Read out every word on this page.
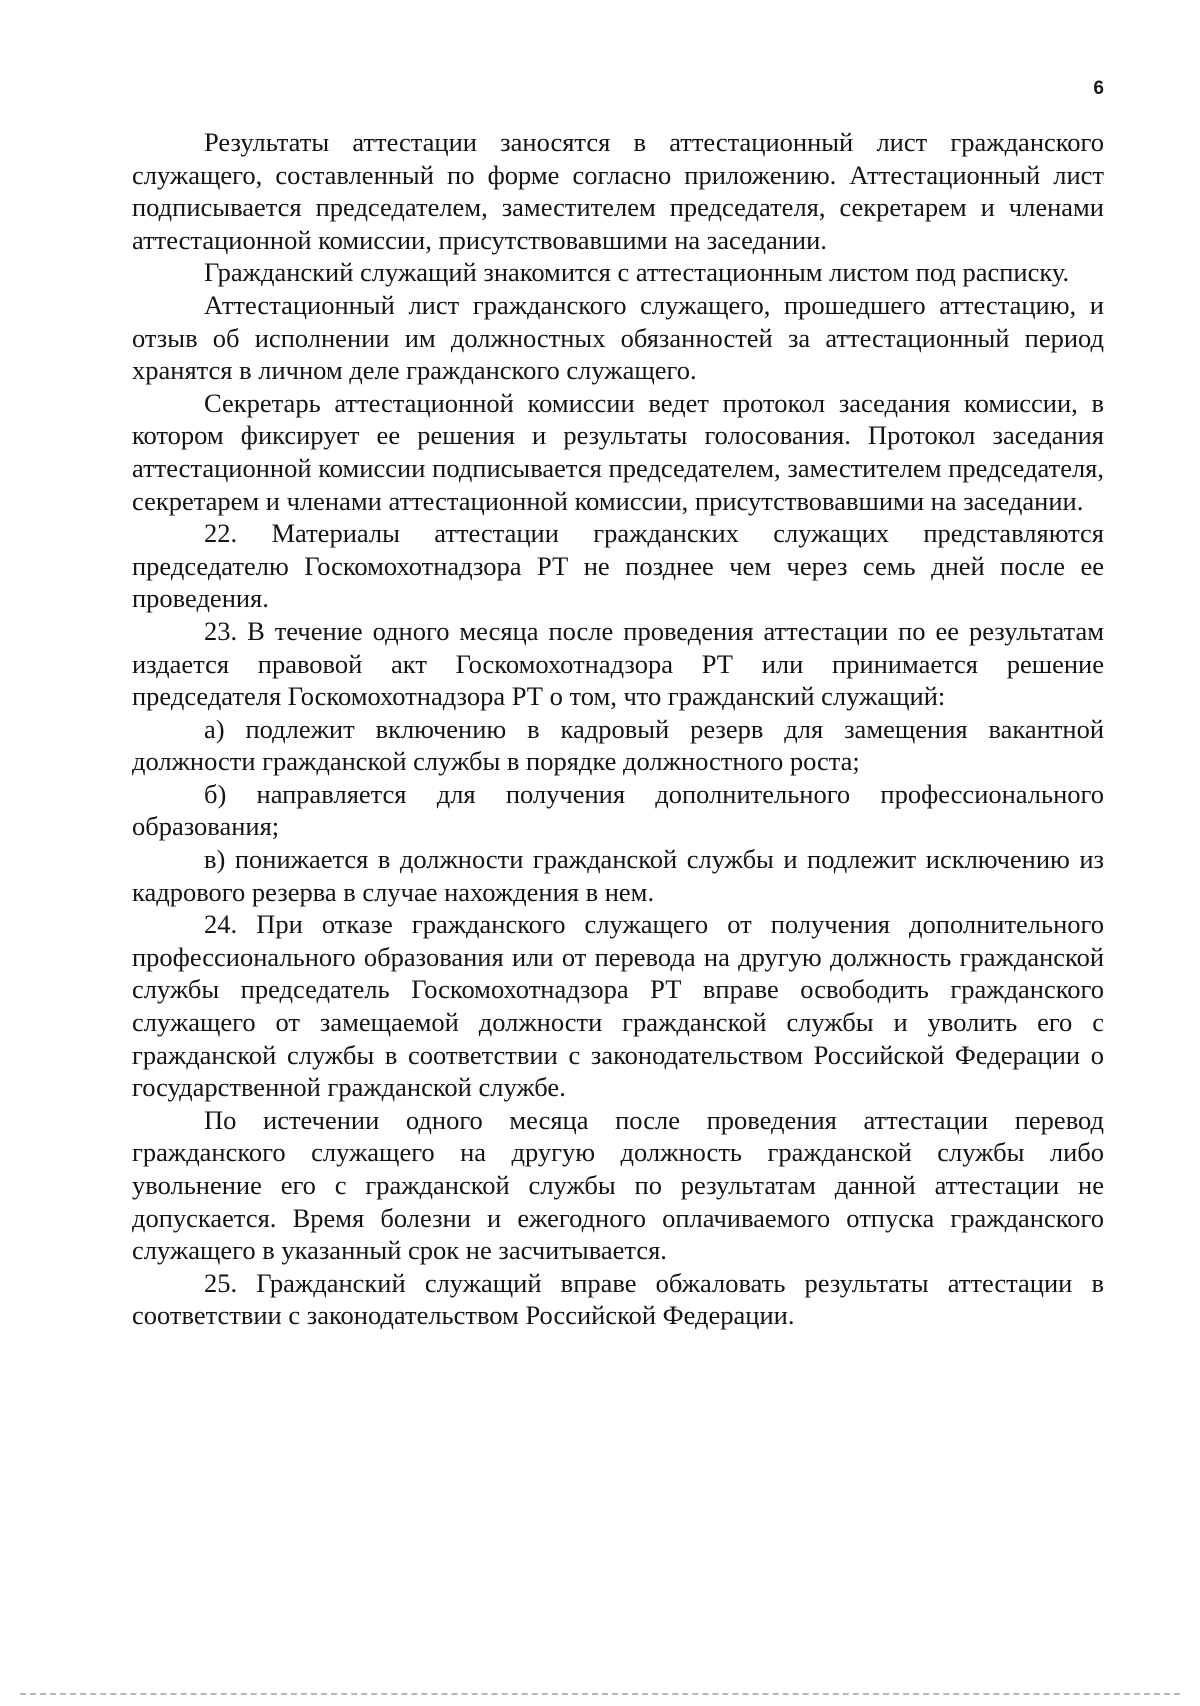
6

Результаты аттестации заносятся в аттестационный лист гражданского служащего, составленный по форме согласно приложению. Аттестационный лист подписывается председателем, заместителем председателя, секретарем и членами аттестационной комиссии, присутствовавшими на заседании.

Гражданский служащий знакомится с аттестационным листом под расписку.

Аттестационный лист гражданского служащего, прошедшего аттестацию, и отзыв об исполнении им должностных обязанностей за аттестационный период хранятся в личном деле гражданского служащего.

Секретарь аттестационной комиссии ведет протокол заседания комиссии, в котором фиксирует ее решения и результаты голосования. Протокол заседания аттестационной комиссии подписывается председателем, заместителем председателя, секретарем и членами аттестационной комиссии, присутствовавшими на заседании.

22. Материалы аттестации гражданских служащих представляются председателю Госкомохотнадзора РТ не позднее чем через семь дней после ее проведения.

23. В течение одного месяца после проведения аттестации по ее результатам издается правовой акт Госкомохотнадзора РТ или принимается решение председателя Госкомохотнадзора РТ о том, что гражданский служащий:

а) подлежит включению в кадровый резерв для замещения вакантной должности гражданской службы в порядке должностного роста;

б) направляется для получения дополнительного профессионального образования;

в) понижается в должности гражданской службы и подлежит исключению из кадрового резерва в случае нахождения в нем.

24. При отказе гражданского служащего от получения дополнительного профессионального образования или от перевода на другую должность гражданской службы председатель Госкомохотнадзора РТ вправе освободить гражданского служащего от замещаемой должности гражданской службы и уволить его с гражданской службы в соответствии с законодательством Российской Федерации о государственной гражданской службе.

По истечении одного месяца после проведения аттестации перевод гражданского служащего на другую должность гражданской службы либо увольнение его с гражданской службы по результатам данной аттестации не допускается. Время болезни и ежегодного оплачиваемого отпуска гражданского служащего в указанный срок не засчитывается.

25. Гражданский служащий вправе обжаловать результаты аттестации в соответствии с законодательством Российской Федерации.
